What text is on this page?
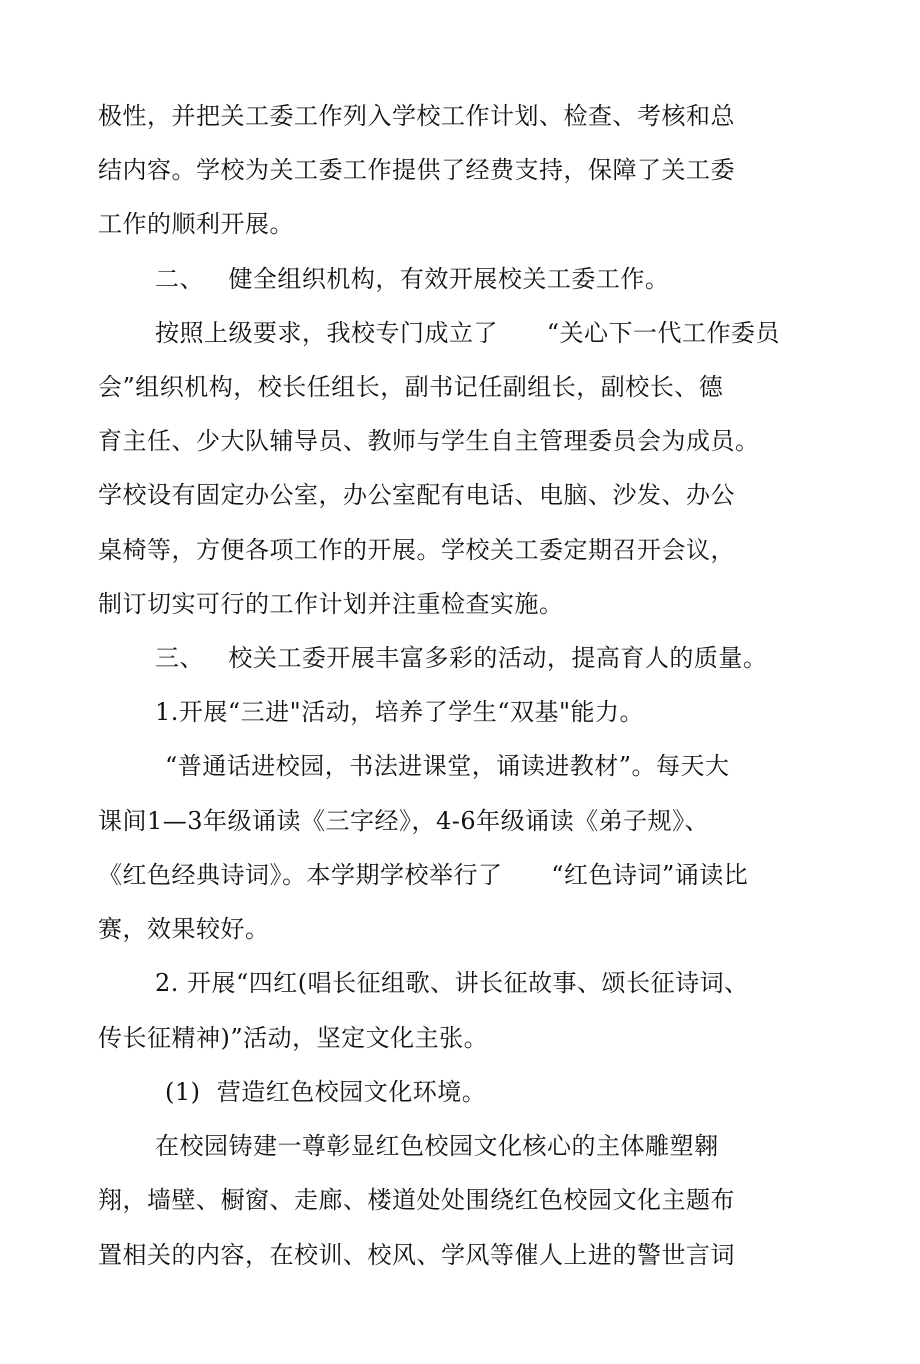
极性，并把关工委工作列入学校工作计划、检查、考核和总
结内容。学校为关工委工作提供了经费支持，保障了关工委
工作的顺利开展。
二、   健全组织机构，有效开展校关工委工作。
按照上级要求，我校专门成立了      “关心下一代工作委员
会”组织机构，校长任组长，副书记任副组长，副校长、德
育主任、少大队辅导员、教师与学生自主管理委员会为成员。
学校设有固定办公室，办公室配有电话、电脑、沙发、办公
桌椅等，方便各项工作的开展。学校关工委定期召开会议，
制订切实可行的工作计划并注重检查实施。
三、   校关工委开展丰富多彩的活动，提高育人的质量。
1.开展“三进"活动，培养了学生“双基"能力。
“普通话进校园，书法进课堂，诵读进教材”。每天大
课间1—3年级诵读《三字经》，4-6年级诵读《弟子规》、
《红色经典诗词》。本学期学校举行了      “红色诗词”诵读比
赛，效果较好。
2. 开展“四红(唱长征组歌、讲长征故事、颂长征诗词、
传长征精神)”活动，坚定文化主张。
(1)  营造红色校园文化环境。
在校园铸建一尊彰显红色校园文化核心的主体雕塑翱
翔，墙壁、橱窗、走廊、楼道处处围绕红色校园文化主题布
置相关的内容，在校训、校风、学风等催人上进的警世言词
